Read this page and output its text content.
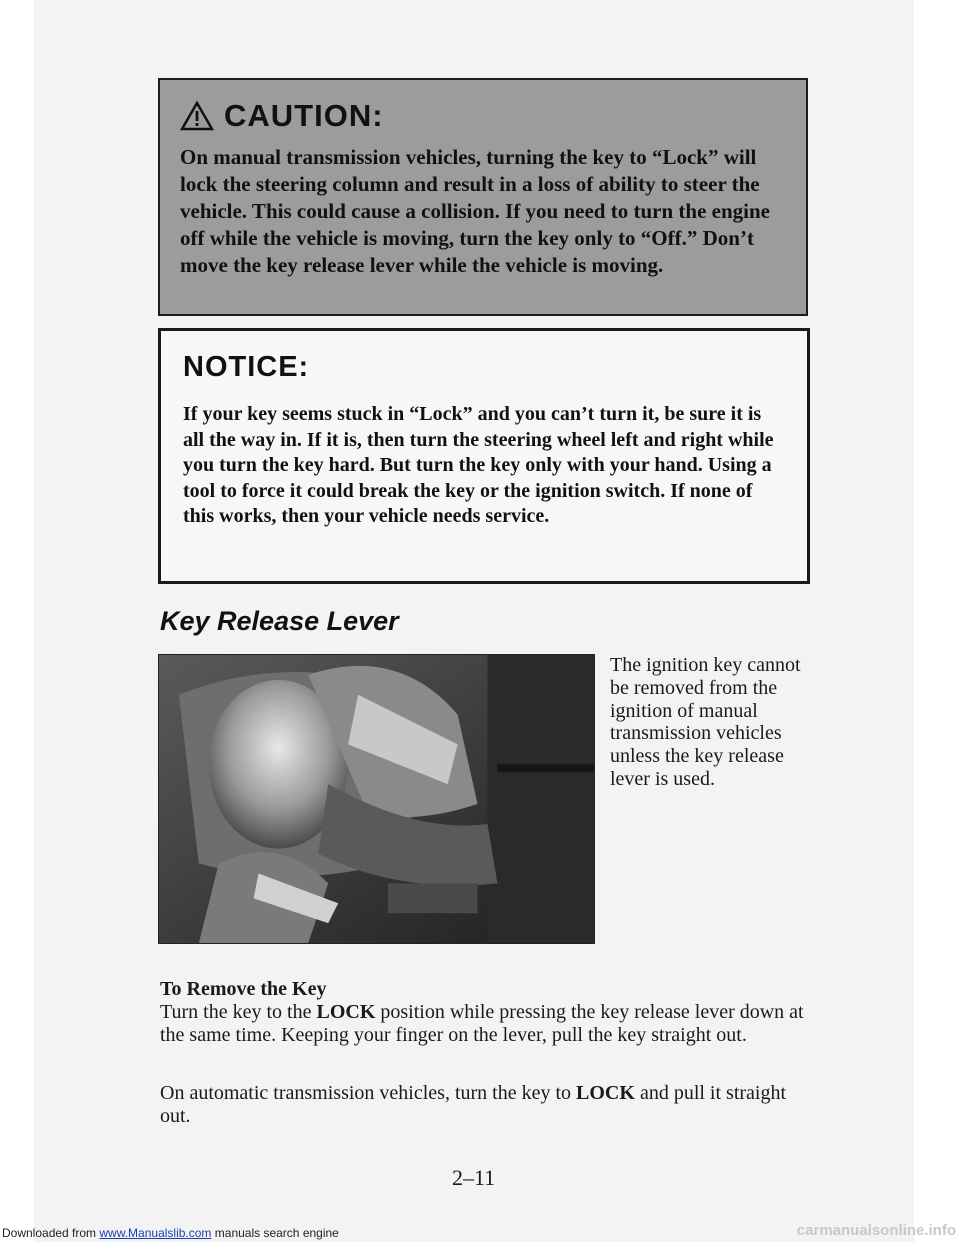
CAUTION:

On manual transmission vehicles, turning the key to “Lock” will lock the steering column and result in a loss of ability to steer the vehicle. This could cause a collision. If you need to turn the engine off while the vehicle is moving, turn the key only to “Off.” Don’t move the key release lever while the vehicle is moving.

NOTICE:

If your key seems stuck in “Lock” and you can’t turn it, be sure it is all the way in. If it is, then turn the steering wheel left and right while you turn the key hard. But turn the key only with your hand. Using a tool to force it could break the key or the ignition switch. If none of this works, then your vehicle needs service.

Key Release Lever

The ignition key cannot be removed from the ignition of manual transmission vehicles unless the key release lever is used.

To Remove the Key

Turn the key to the LOCK position while pressing the key release lever down at the same time. Keeping your finger on the lever, pull the key straight out.

On automatic transmission vehicles, turn the key to LOCK and pull it straight out.

2–11
Downloaded from www.Manualslib.com manuals search engine	carmanualsonline.info
